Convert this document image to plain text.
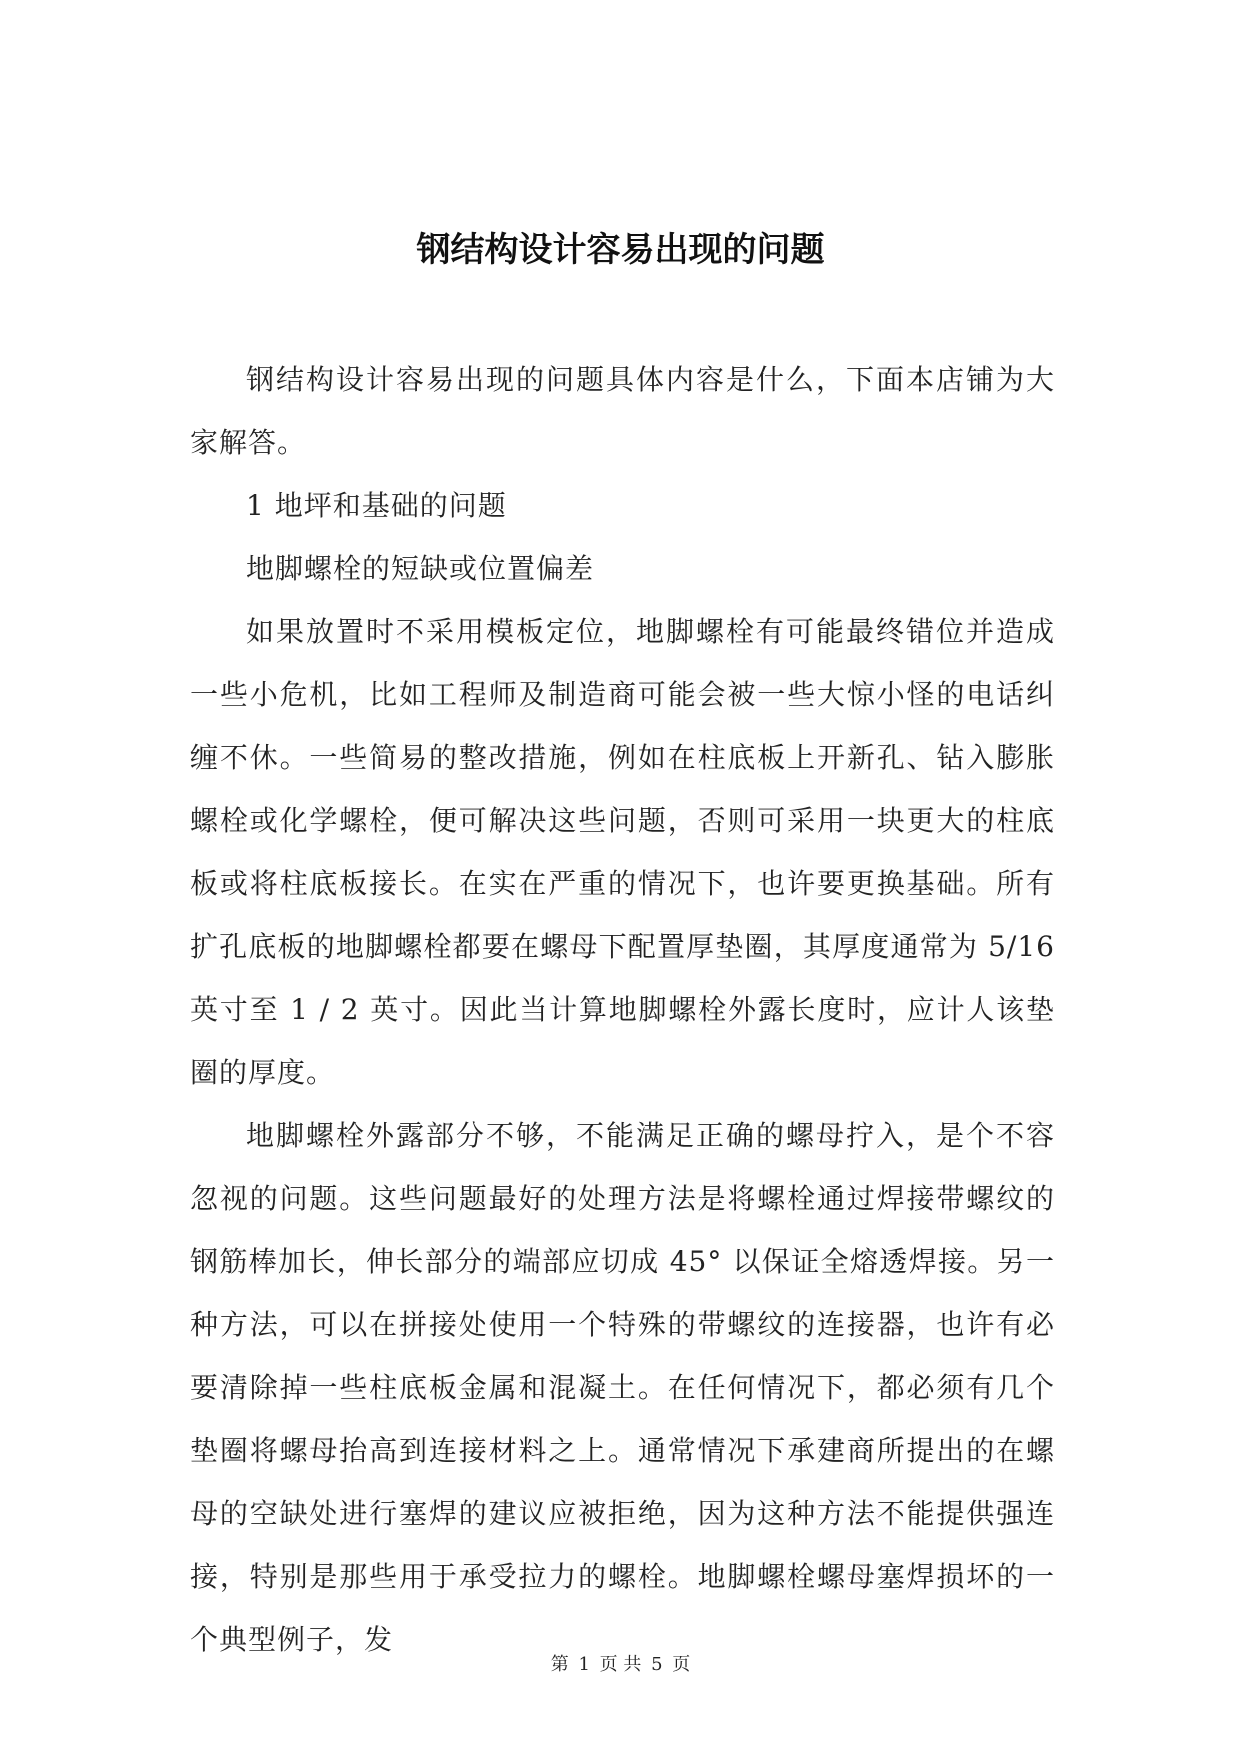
钢结构设计容易出现的问题

钢结构设计容易出现的问题具体内容是什么，下面本店铺为大家解答。

1 地坪和基础的问题

地脚螺栓的短缺或位置偏差

如果放置时不采用模板定位，地脚螺栓有可能最终错位并造成一些小危机，比如工程师及制造商可能会被一些大惊小怪的电话纠缠不休。一些简易的整改措施，例如在柱底板上开新孔、钻入膨胀螺栓或化学螺栓，便可解决这些问题，否则可采用一块更大的柱底板或将柱底板接长。在实在严重的情况下，也许要更换基础。所有扩孔底板的地脚螺栓都要在螺母下配置厚垫圈，其厚度通常为 5/16 英寸至 1 / 2 英寸。因此当计算地脚螺栓外露长度时，应计人该垫圈的厚度。

地脚螺栓外露部分不够，不能满足正确的螺母拧入，是个不容忽视的问题。这些问题最好的处理方法是将螺栓通过焊接带螺纹的钢筋棒加长，伸长部分的端部应切成 45° 以保证全熔透焊接。另一种方法，可以在拼接处使用一个特殊的带螺纹的连接器，也许有必要清除掉一些柱底板金属和混凝土。在任何情况下，都必须有几个垫圈将螺母抬高到连接材料之上。通常情况下承建商所提出的在螺母的空缺处进行塞焊的建议应被拒绝，因为这种方法不能提供强连接，特别是那些用于承受拉力的螺栓。地脚螺栓螺母塞焊损坏的一个典型例子，发

第 1 页 共 5 页
